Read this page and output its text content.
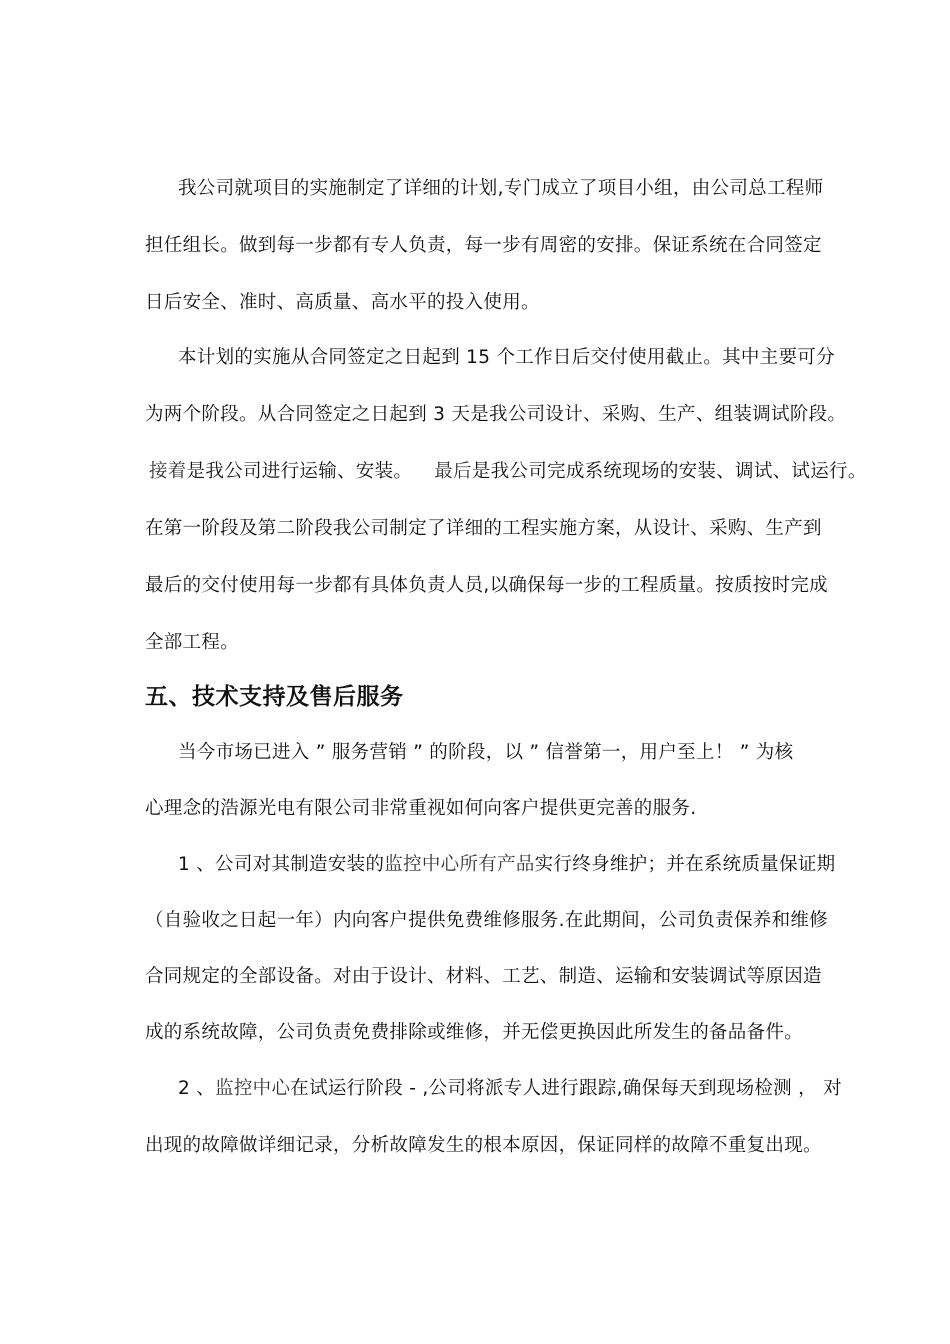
我公司就项目的实施制定了详细的计划,专门成立了项目小组，由公司总工程师
担任组长。做到每一步都有专人负责，每一步有周密的安排。保证系统在合同签定
日后安全、准时、高质量、高水平的投入使用。
本计划的实施从合同签定之日起到 15 个工作日后交付使用截止。其中主要可分
为两个阶段。从合同签定之日起到 3 天是我公司设计、采购、生产、组装调试阶段。
接着是我公司进行运输、安装。 最后是我公司完成系统现场的安装、调试、试运行。
在第一阶段及第二阶段我公司制定了详细的工程实施方案，从设计、采购、生产到
最后的交付使用每一步都有具体负责人员,以确保每一步的工程质量。按质按时完成
全部工程。
五、技术支持及售后服务
当今市场已进入 ” 服务营销 ” 的阶段，以 ” 信誉第一，用户至上！ ” 为核
心理念的浩源光电有限公司非常重视如何向客户提供更完善的服务.
1 、公司对其制造安装的监控中心所有产品实行终身维护；并在系统质量保证期
（自验收之日起一年）内向客户提供免费维修服务.在此期间，公司负责保养和维修
合同规定的全部设备。对由于设计、材料、工艺、制造、运输和安装调试等原因造
成的系统故障，公司负责免费排除或维修，并无偿更换因此所发生的备品备件。
2 、监控中心在试运行阶段 - ,公司将派专人进行跟踪,确保每天到现场检测 ， 对
出现的故障做详细记录，分析故障发生的根本原因，保证同样的故障不重复出现。
